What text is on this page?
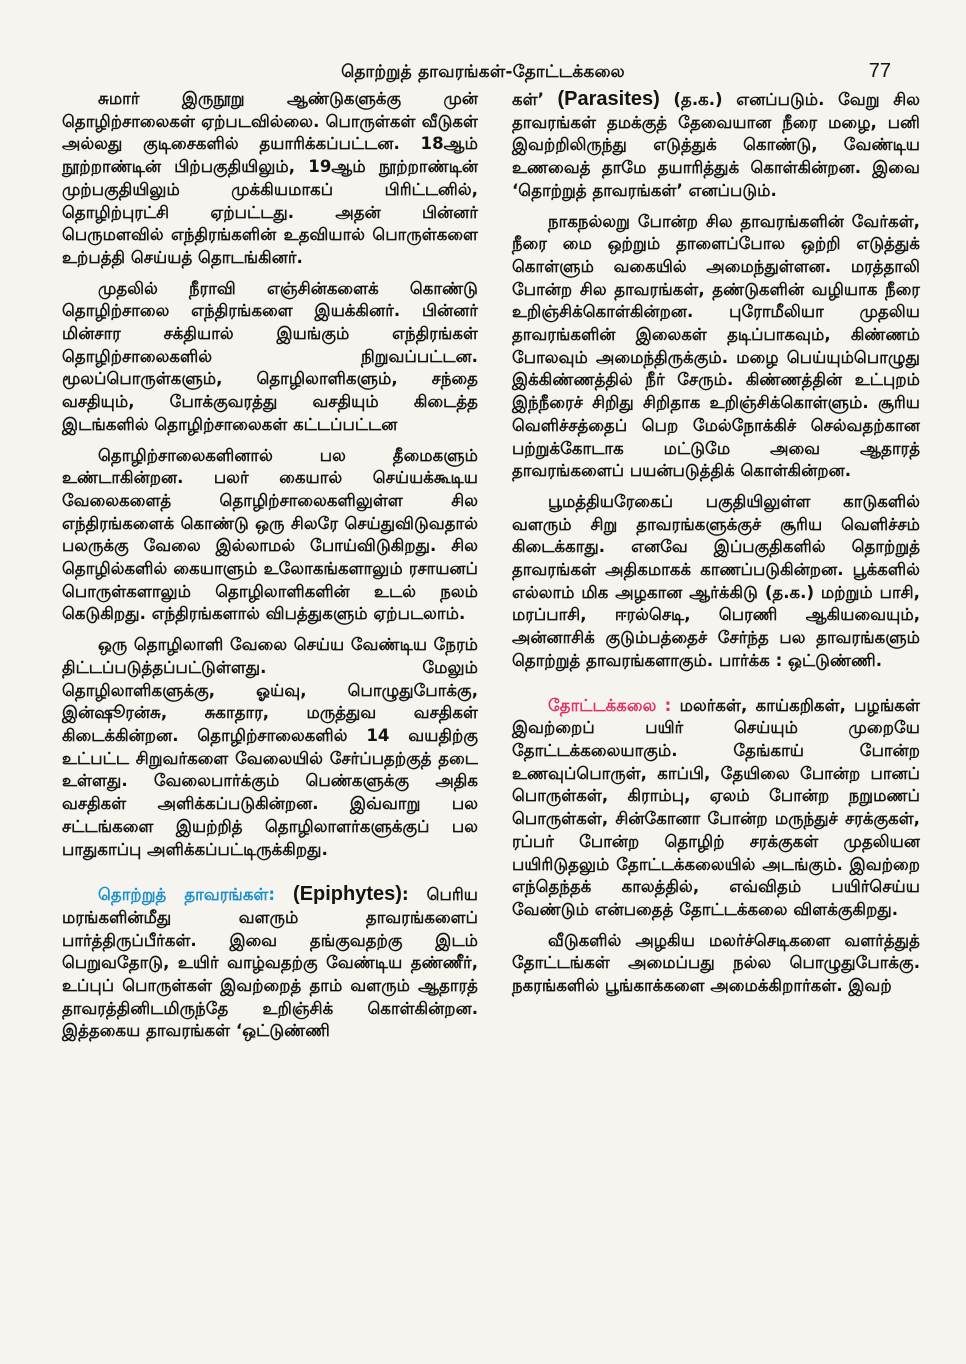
தொற்றுத் தாவரங்கள்-தோட்டக்கலை	77

சுமார் இருநூறு ஆண்டுகளுக்கு முன் தொழிற்சாலைகள் ஏற்படவில்லை. பொருள்கள் வீடுகள் அல்லது குடிசைகளில் தயாரிக்கப்பட்டன. 18ஆம் நூற்றாண்டின் பிற்பகுதியிலும், 19ஆம் நூற்றாண்டின் முற்பகுதியிலும் முக்கியமாகப் பிரிட்டனில், தொழிற்புரட்சி ஏற்பட்டது. அதன் பின்னர் பெருமளவில் எந்திரங்களின் உதவியால் பொருள்களை உற்பத்தி செய்யத் தொடங்கினர்.

முதலில் நீராவி எஞ்சின்களைக் கொண்டு தொழிற்சாலை எந்திரங்களை இயக்கினர். பின்னர் மின்சார சக்தியால் இயங்கும் எந்திரங்கள் தொழிற்சாலைகளில் நிறுவப்பட்டன. மூலப்பொருள்களும், தொழிலாளிகளும், சந்தை வசதியும், போக்குவரத்து வசதியும் கிடைத்த இடங்களில் தொழிற்சாலைகள் கட்டப்பட்டன

தொழிற்சாலைகளினால் பல தீமைகளும் உண்டாகின்றன. பலர் கையால் செய்யக்கூடிய வேலைகளைத் தொழிற்சாலைகளிலுள்ள சில எந்திரங்களைக் கொண்டு ஒரு சிலரே செய்துவிடுவதால் பலருக்கு வேலை இல்லாமல் போய்விடுகிறது. சில தொழில்களில் கையாளும் உலோகங்களாலும் ரசாயனப் பொருள்களாலும் தொழிலாளிகளின் உடல் நலம் கெடுகிறது. எந்திரங்களால் விபத்துகளும் ஏற்படலாம்.

ஒரு தொழிலாளி வேலை செய்ய வேண்டிய நேரம் திட்டப்படுத்தப்பட்டுள்ளது. மேலும் தொழிலாளிகளுக்கு, ஓய்வு, பொழுதுபோக்கு, இன்ஷூரன்சு, சுகாதார, மருத்துவ வசதிகள் கிடைக்கின்றன. தொழிற்சாலைகளில் 14 வயதிற்கு உட்பட்ட சிறுவர்களை வேலையில் சேர்ப்பதற்குத் தடை உள்ளது. வேலைபார்க்கும் பெண்களுக்கு அதிக வசதிகள் அளிக்கப்படுகின்றன. இவ்வாறு பல சட்டங்களை இயற்றித் தொழிலாளர்களுக்குப் பல பாதுகாப்பு அளிக்கப்பட்டிருக்கிறது.

தொற்றுத் தாவரங்கள்: (Epiphytes): பெரிய மரங்களின்மீது வளரும் தாவரங்களைப் பார்த்திருப்பீர்கள். இவை தங்குவதற்கு இடம் பெறுவதோடு, உயிர் வாழ்வதற்கு வேண்டிய தண்ணீர், உப்புப் பொருள்கள் இவற்றைத் தாம் வளரும் ஆதாரத் தாவரத்தினிடமிருந்தே உறிஞ்சிக் கொள்கின்றன. இத்தகைய தாவரங்கள் ‘ஒட்டுண்ணி

கள்’ (Parasites) (த.க.) எனப்படும். வேறு சில தாவரங்கள் தமக்குத் தேவையான நீரை மழை, பனி இவற்றிலிருந்து எடுத்துக் கொண்டு, வேண்டிய உணவைத் தாமே தயாரித்துக் கொள்கின்றன. இவை ‘தொற்றுத் தாவரங்கள்’ எனப்படும்.

நாகநல்லறு போன்ற சில தாவரங்களின் வேர்கள், நீரை மை ஒற்றும் தாளைப்போல ஒற்றி எடுத்துக் கொள்ளும் வகையில் அமைந்துள்ளன. மரத்தாலி போன்ற சில தாவரங்கள், தண்டுகளின் வழியாக நீரை உறிஞ்சிக்கொள்கின்றன. புரோமீலியா முதலிய தாவரங்களின் இலைகள் தடிப்பாகவும், கிண்ணம் போலவும் அமைந்திருக்கும். மழை பெய்யும்பொழுது இக்கிண்ணத்தில் நீர் சேரும். கிண்ணத்தின் உட்புறம் இந்நீரைச் சிறிது சிறிதாக உறிஞ்சிக்கொள்ளும். சூரிய வெளிச்சத்தைப் பெற மேல்நோக்கிச் செல்வதற்கான பற்றுக்கோடாக மட்டுமே அவை ஆதாரத் தாவரங்களைப் பயன்படுத்திக் கொள்கின்றன.

பூமத்தியரேகைப் பகுதியிலுள்ள காடுகளில் வளரும் சிறு தாவரங்களுக்குச் சூரிய வெளிச்சம் கிடைக்காது. எனவே இப்பகுதிகளில் தொற்றுத் தாவரங்கள் அதிகமாகக் காணப்படுகின்றன. பூக்களில் எல்லாம் மிக அழகான ஆர்க்கிடு (த.க.) மற்றும் பாசி, மரப்பாசி, ஈரல்செடி, பெரணி ஆகியவையும், அன்னாசிக் குடும்பத்தைச் சேர்ந்த பல தாவரங்களும் தொற்றுத் தாவரங்களாகும். பார்க்க : ஒட்டுண்ணி.

தோட்டக்கலை : மலர்கள், காய்கறிகள், பழங்கள் இவற்றைப் பயிர் செய்யும் முறையே தோட்டக்கலையாகும். தேங்காய் போன்ற உணவுப்பொருள், காப்பி, தேயிலை போன்ற பானப் பொருள்கள், கிராம்பு, ஏலம் போன்ற நறுமணப் பொருள்கள், சின்கோனா போன்ற மருந்துச் சரக்குகள், ரப்பர் போன்ற தொழிற் சரக்குகள் முதலியன பயிரிடுதலும் தோட்டக்கலையில் அடங்கும். இவற்றை எந்தெந்தக் காலத்தில், எவ்விதம் பயிர்செய்ய வேண்டும் என்பதைத் தோட்டக்கலை விளக்குகிறது.

வீடுகளில் அழகிய மலர்ச்செடிகளை வளர்த்துத் தோட்டங்கள் அமைப்பது நல்ல பொழுதுபோக்கு. நகரங்களில் பூங்காக்களை அமைக்கிறார்கள். இவற்
